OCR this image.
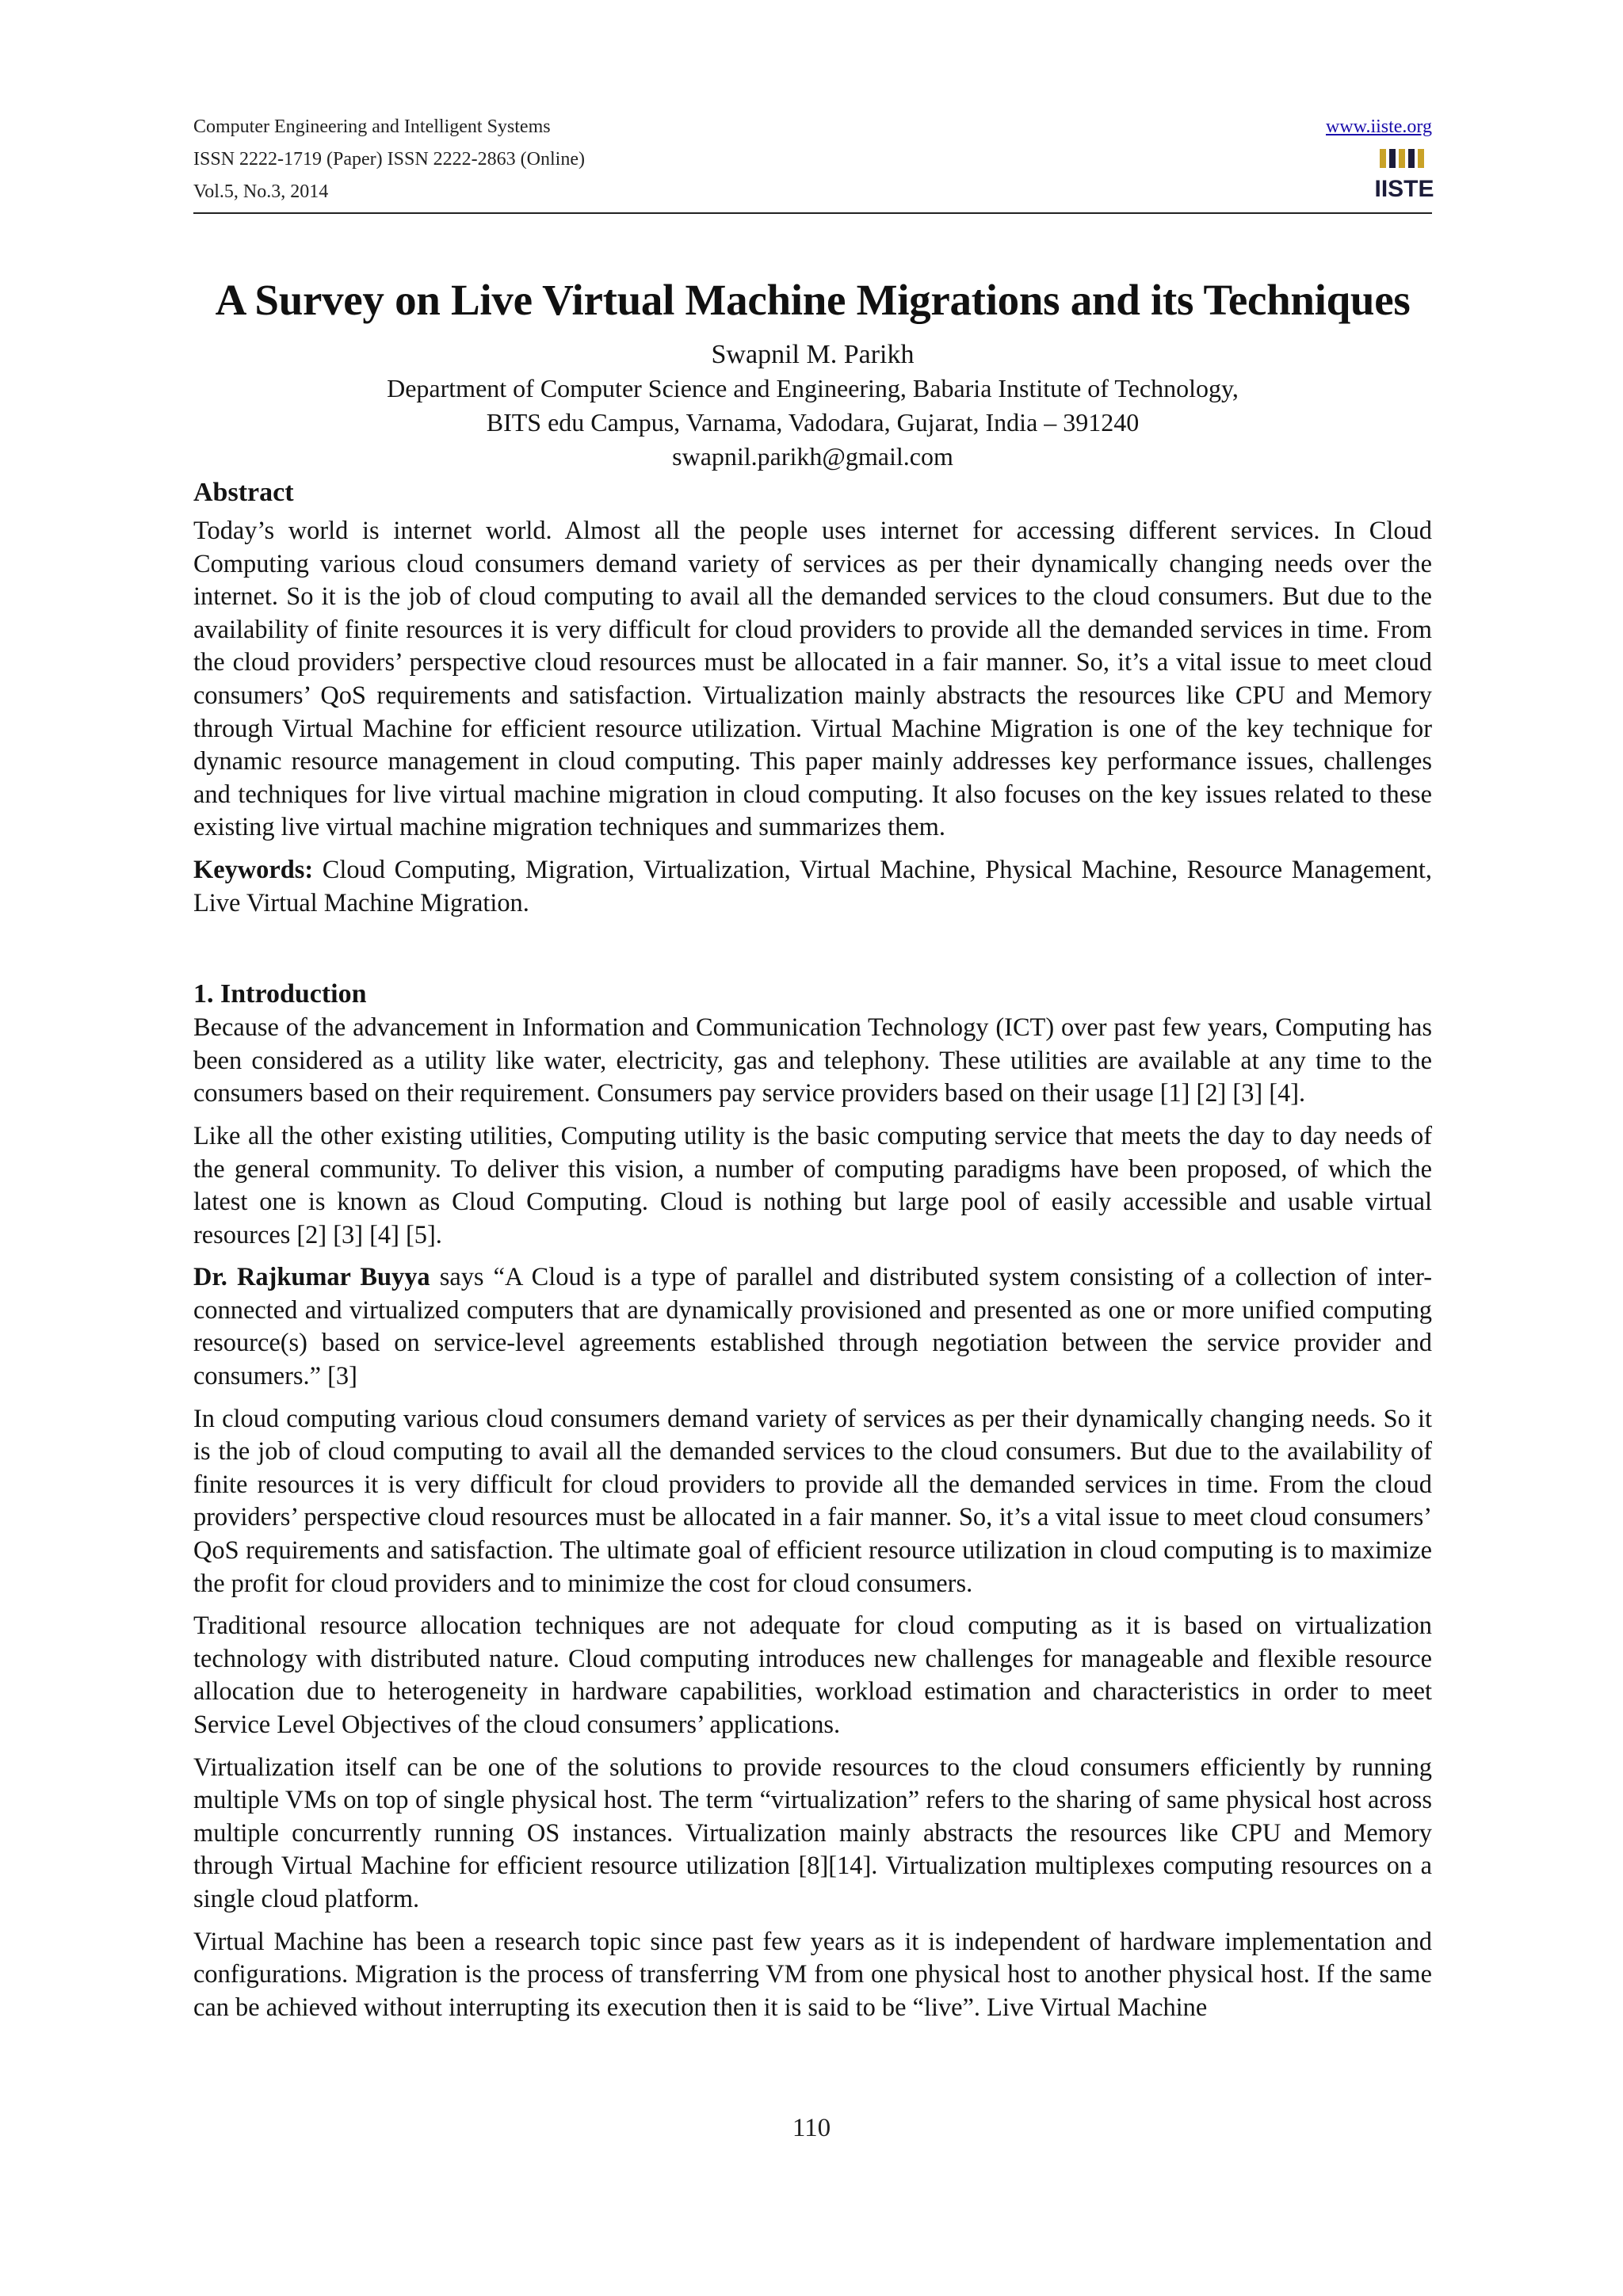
Computer Engineering and Intelligent Systems
ISSN 2222-1719 (Paper) ISSN 2222-2863 (Online)
Vol.5, No.3, 2014
www.iiste.org
IISTE
A Survey on Live Virtual Machine Migrations and its Techniques
Swapnil M. Parikh
Department of Computer Science and Engineering, Babaria Institute of Technology,
BITS edu Campus, Varnama, Vadodara, Gujarat, India – 391240
swapnil.parikh@gmail.com
Abstract

Today’s world is internet world. Almost all the people uses internet for accessing different services. In Cloud Computing various cloud consumers demand variety of services as per their dynamically changing needs over the internet. So it is the job of cloud computing to avail all the demanded services to the cloud consumers. But due to the availability of finite resources it is very difficult for cloud providers to provide all the demanded services in time. From the cloud providers’ perspective cloud resources must be allocated in a fair manner. So, it’s a vital issue to meet cloud consumers’ QoS requirements and satisfaction. Virtualization mainly abstracts the resources like CPU and Memory through Virtual Machine for efficient resource utilization. Virtual Machine Migration is one of the key technique for dynamic resource management in cloud computing. This paper mainly addresses key performance issues, challenges and techniques for live virtual machine migration in cloud computing. It also focuses on the key issues related to these existing live virtual machine migration techniques and summarizes them.

Keywords: Cloud Computing, Migration, Virtualization, Virtual Machine, Physical Machine, Resource Management, Live Virtual Machine Migration.

1. Introduction

Because of the advancement in Information and Communication Technology (ICT) over past few years, Computing has been considered as a utility like water, electricity, gas and telephony. These utilities are available at any time to the consumers based on their requirement. Consumers pay service providers based on their usage [1] [2] [3] [4].

Like all the other existing utilities, Computing utility is the basic computing service that meets the day to day needs of the general community. To deliver this vision, a number of computing paradigms have been proposed, of which the latest one is known as Cloud Computing. Cloud is nothing but large pool of easily accessible and usable virtual resources [2] [3] [4] [5].

Dr. Rajkumar Buyya says “A Cloud is a type of parallel and distributed system consisting of a collection of inter-connected and virtualized computers that are dynamically provisioned and presented as one or more unified computing resource(s) based on service-level agreements established through negotiation between the service provider and consumers.” [3]

In cloud computing various cloud consumers demand variety of services as per their dynamically changing needs. So it is the job of cloud computing to avail all the demanded services to the cloud consumers. But due to the availability of finite resources it is very difficult for cloud providers to provide all the demanded services in time. From the cloud providers’ perspective cloud resources must be allocated in a fair manner. So, it’s a vital issue to meet cloud consumers’ QoS requirements and satisfaction. The ultimate goal of efficient resource utilization in cloud computing is to maximize the profit for cloud providers and to minimize the cost for cloud consumers.

Traditional resource allocation techniques are not adequate for cloud computing as it is based on virtualization technology with distributed nature. Cloud computing introduces new challenges for manageable and flexible resource allocation due to heterogeneity in hardware capabilities, workload estimation and characteristics in order to meet Service Level Objectives of the cloud consumers’ applications.

Virtualization itself can be one of the solutions to provide resources to the cloud consumers efficiently by running multiple VMs on top of single physical host. The term “virtualization” refers to the sharing of same physical host across multiple concurrently running OS instances. Virtualization mainly abstracts the resources like CPU and Memory through Virtual Machine for efficient resource utilization [8][14]. Virtualization multiplexes computing resources on a single cloud platform.

Virtual Machine has been a research topic since past few years as it is independent of hardware implementation and configurations. Migration is the process of transferring VM from one physical host to another physical host. If the same can be achieved without interrupting its execution then it is said to be “live”. Live Virtual Machine

110
